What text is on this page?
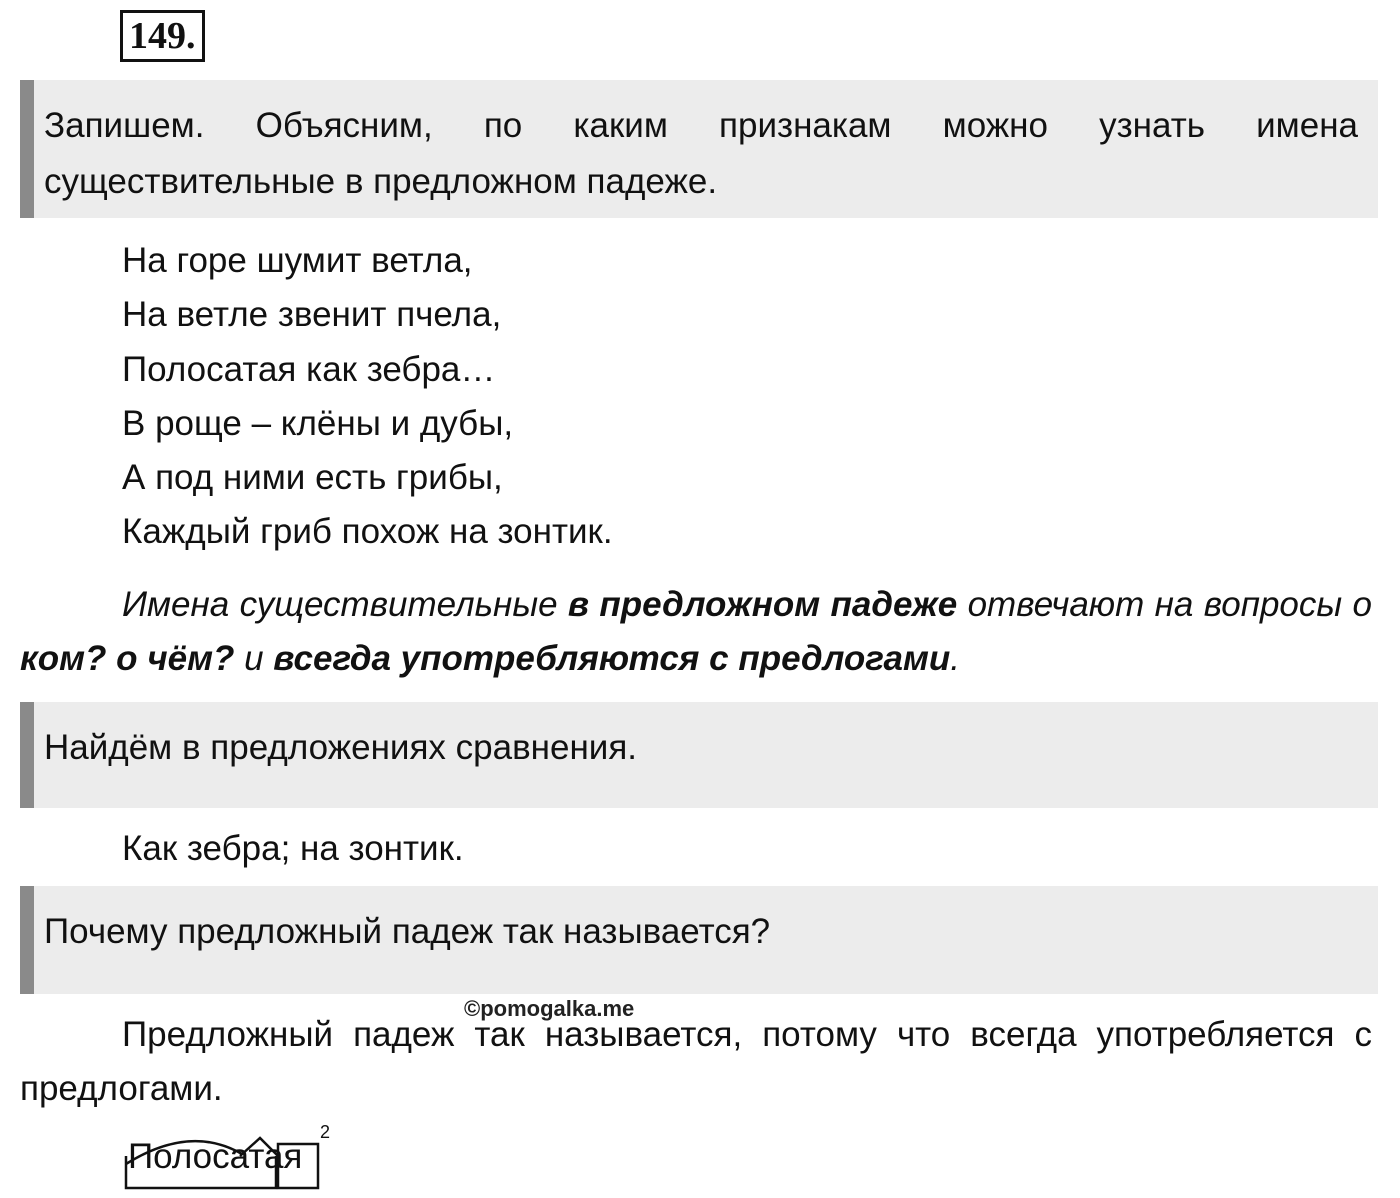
149.
Запишем. Объясним, по каким признакам можно узнать имена существительные в предложном падеже.
На горе шумит ветла,
На ветле звенит пчела,
Полосатая как зебра…
В роще – клёны и дубы,
А под ними есть грибы,
Каждый гриб похож на зонтик.
Имена существительные в предложном падеже отвечают на вопросы о ком? о чём? и всегда употребляются с предлогами.
Найдём в предложениях сравнения.
Как зебра; на зонтик.
Почему предложный падеж так называется?
Предложный падеж так называется, потому что всегда употребляется с предлогами.
©pomogalka.me
Полосатая
2
